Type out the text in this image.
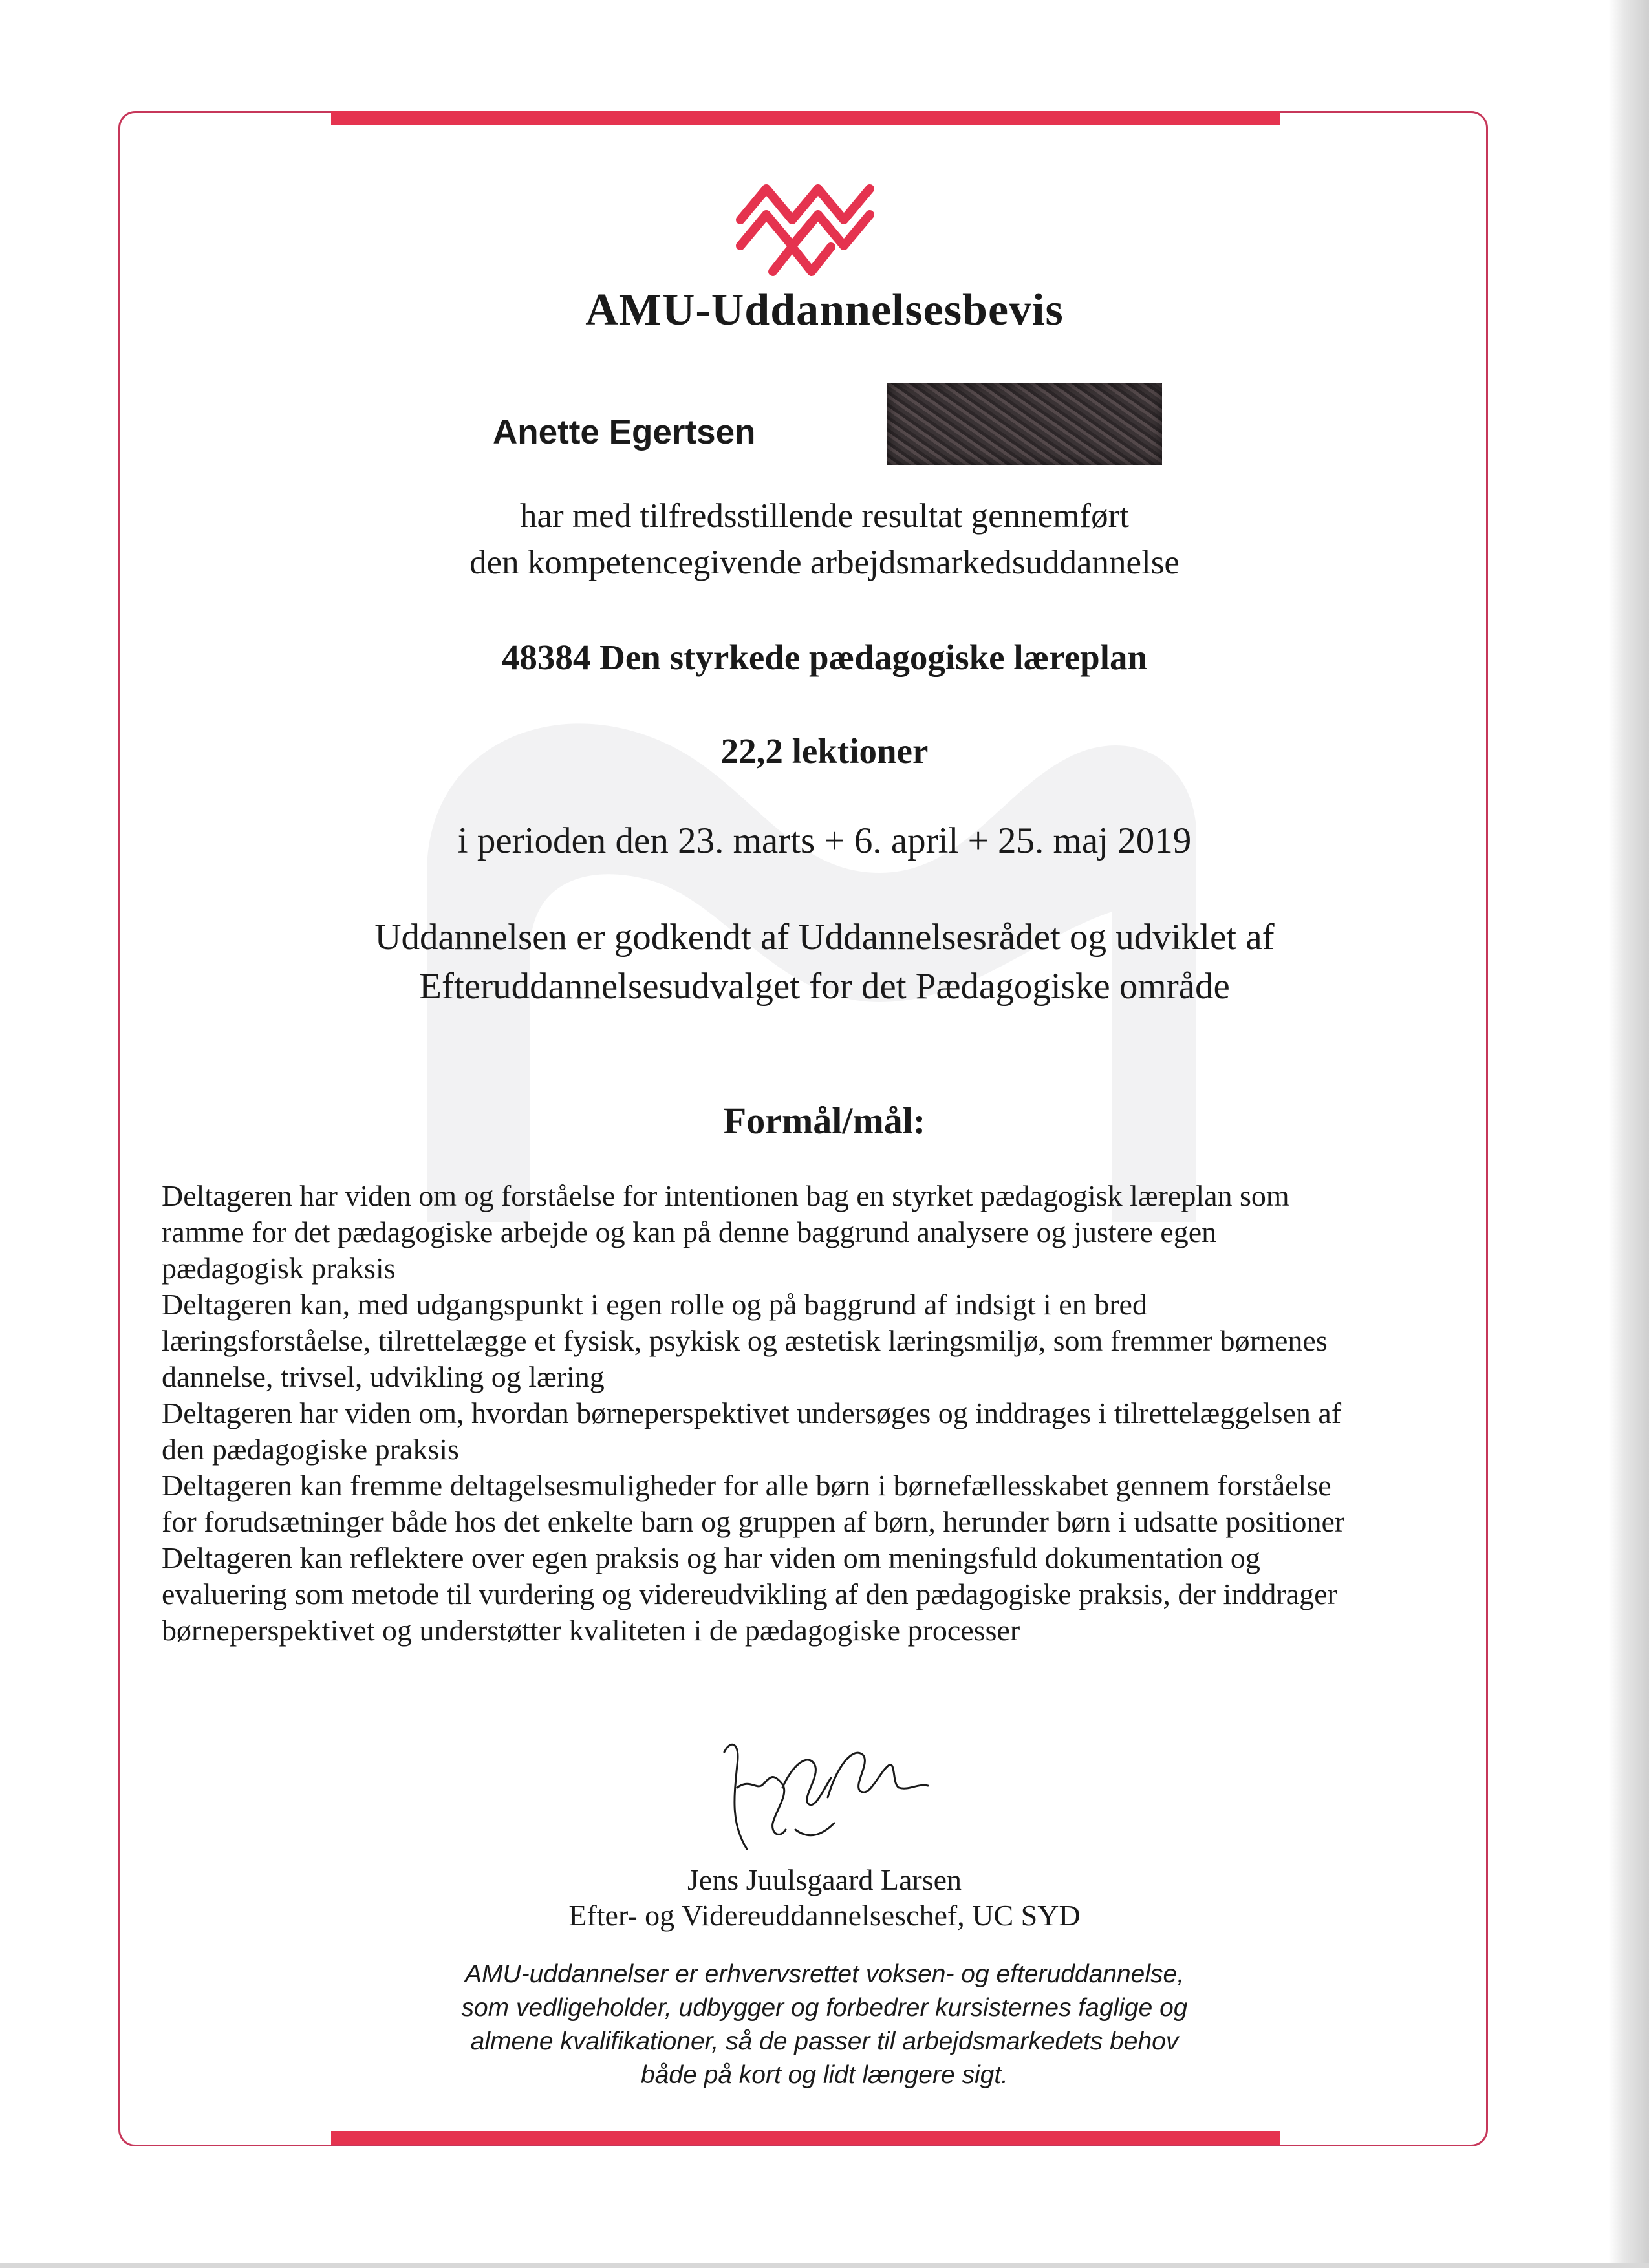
AMU-Uddannelsesbevis
Anette Egertsen
har med tilfredsstillende resultat gennemført
den kompetencegivende arbejdsmarkedsuddannelse
48384 Den styrkede pædagogiske læreplan
22,2 lektioner
i perioden den 23. marts + 6. april + 25. maj 2019
Uddannelsen er godkendt af Uddannelsesrådet og udviklet af
Efteruddannelsesudvalget for det Pædagogiske område
Formål/mål:
Deltageren har viden om og forståelse for intentionen bag en styrket pædagogisk læreplan som
ramme for det pædagogiske arbejde og kan på denne baggrund analysere og justere egen
pædagogisk praksis
Deltageren kan, med udgangspunkt i egen rolle og på baggrund af indsigt i en bred
læringsforståelse, tilrettelægge et fysisk, psykisk og æstetisk læringsmiljø, som fremmer børnenes
dannelse, trivsel, udvikling og læring
Deltageren har viden om, hvordan børneperspektivet undersøges og inddrages i tilrettelæggelsen af
den pædagogiske praksis
Deltageren kan fremme deltagelsesmuligheder for alle børn i børnefællesskabet gennem forståelse
for forudsætninger både hos det enkelte barn og gruppen af børn, herunder børn i udsatte positioner
Deltageren kan reflektere over egen praksis og har viden om meningsfuld dokumentation og
evaluering som metode til vurdering og videreudvikling af den pædagogiske praksis, der inddrager
børneperspektivet og understøtter kvaliteten i de pædagogiske processer
Jens Juulsgaard Larsen
Efter- og Videreuddannelseschef, UC SYD
AMU-uddannelser er erhvervsrettet voksen- og efteruddannelse,
som vedligeholder, udbygger og forbedrer kursisternes faglige og
almene kvalifikationer, så de passer til arbejdsmarkedets behov
både på kort og lidt længere sigt.
